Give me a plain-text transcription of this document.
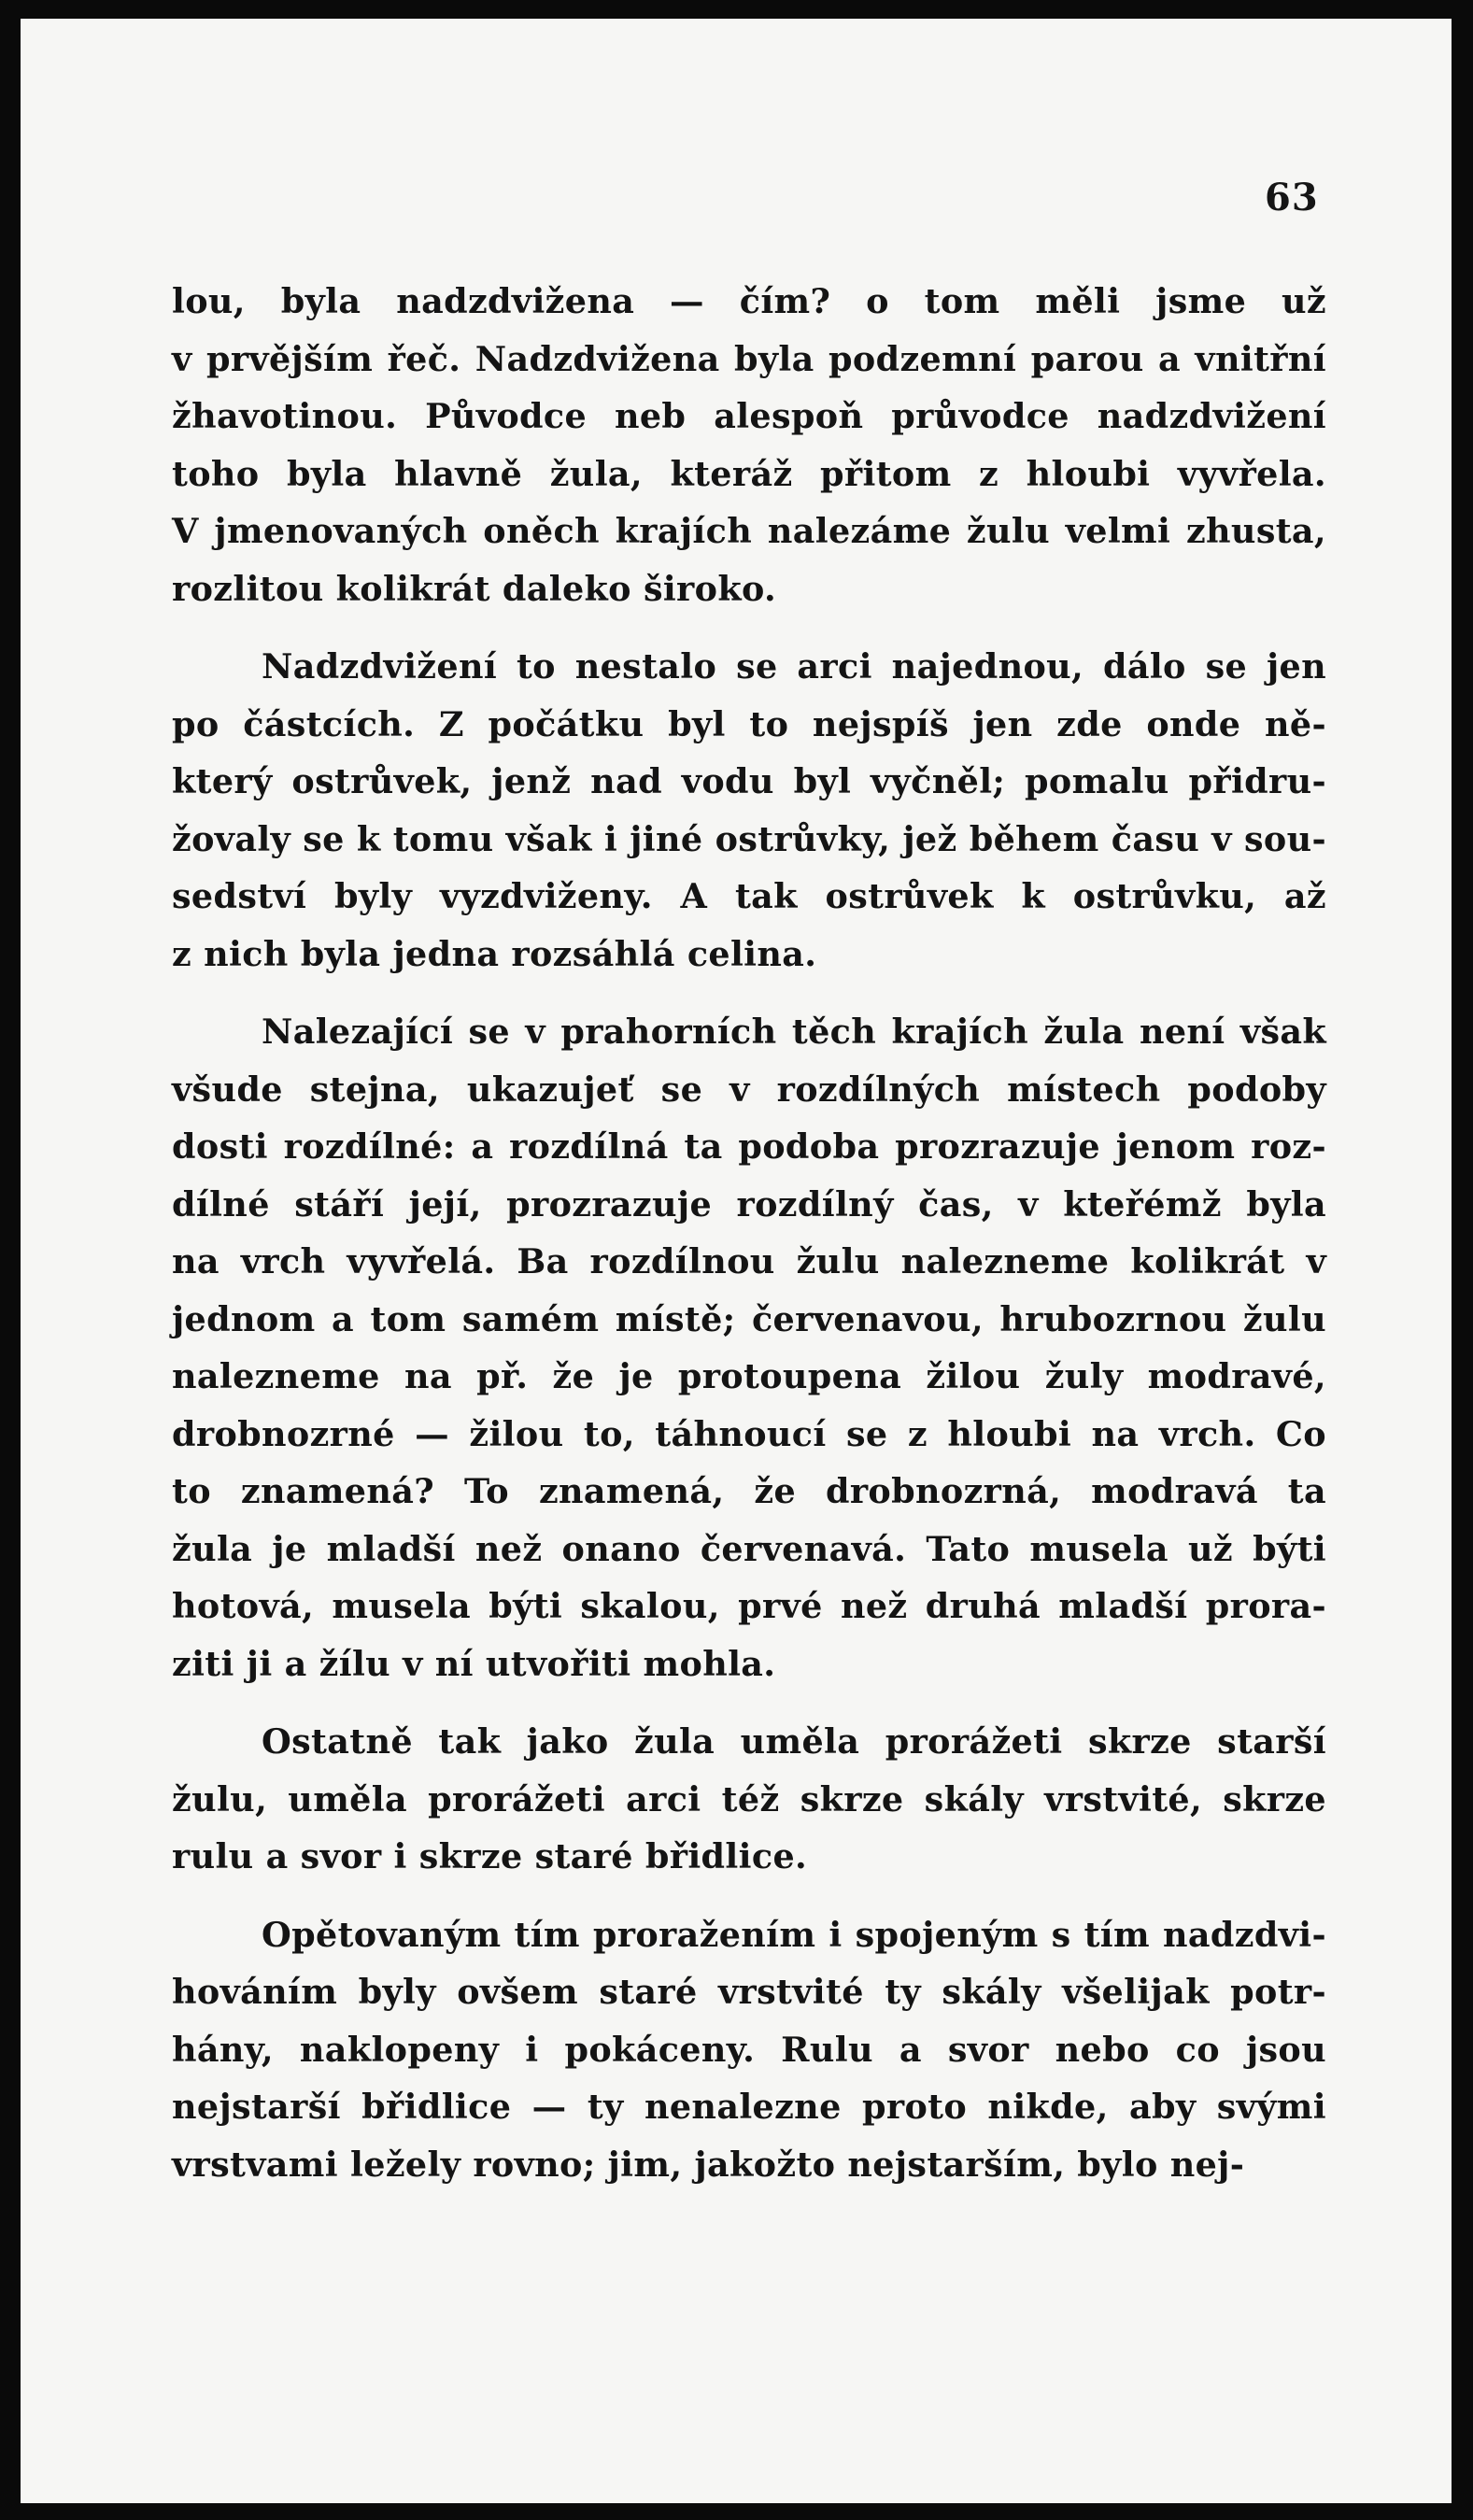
63
lou, byla nadzdvižena — čím? o tom měli jsme už
v prvějším řeč. Nadzdvižena byla podzemní parou a vnitřní
žhavotinou. Původce neb alespoň průvodce nadzdvižení
toho byla hlavně žula, kteráž přitom z hloubi vyvřela.
V jmenovaných oněch krajích nalezáme žulu velmi zhusta,
rozlitou kolikrát daleko široko.
Nadzdvižení to nestalo se arci najednou, dálo se jen
po částcích. Z počátku byl to nejspíš jen zde onde ně-
který ostrůvek, jenž nad vodu byl vyčněl; pomalu přidru-
žovaly se k tomu však i jiné ostrůvky, jež během času v sou-
sedství byly vyzdviženy. A tak ostrůvek k ostrůvku, až
z nich byla jedna rozsáhlá celina.
Nalezající se v prahorních těch krajích žula není však
všude stejna, ukazujeť se v rozdílných místech podoby
dosti rozdílné: a rozdílná ta podoba prozrazuje jenom roz-
dílné stáří její, prozrazuje rozdílný čas, v kteřémž byla
na vrch vyvřelá. Ba rozdílnou žulu nalezneme kolikrát v
jednom a tom samém místě; červenavou, hrubozrnou žulu
nalezneme na př. že je protoupena žilou žuly modravé,
drobnozrné — žilou to, táhnoucí se z hloubi na vrch. Co
to znamená? To znamená, že drobnozrná, modravá ta
žula je mladší než onano červenavá. Tato musela už býti
hotová, musela býti skalou, prvé než druhá mladší prora-
ziti ji a žílu v ní utvořiti mohla.
Ostatně tak jako žula uměla prorážeti skrze starší
žulu, uměla prorážeti arci též skrze skály vrstvité, skrze
rulu a svor i skrze staré břidlice.
Opětovaným tím proražením i spojeným s tím nadzdvi-
hováním byly ovšem staré vrstvité ty skály všelijak potr-
hány, naklopeny i pokáceny. Rulu a svor nebo co jsou
nejstarší břidlice — ty nenalezne proto nikde, aby svými
vrstvami ležely rovno; jim, jakožto nejstarším, bylo nej-
